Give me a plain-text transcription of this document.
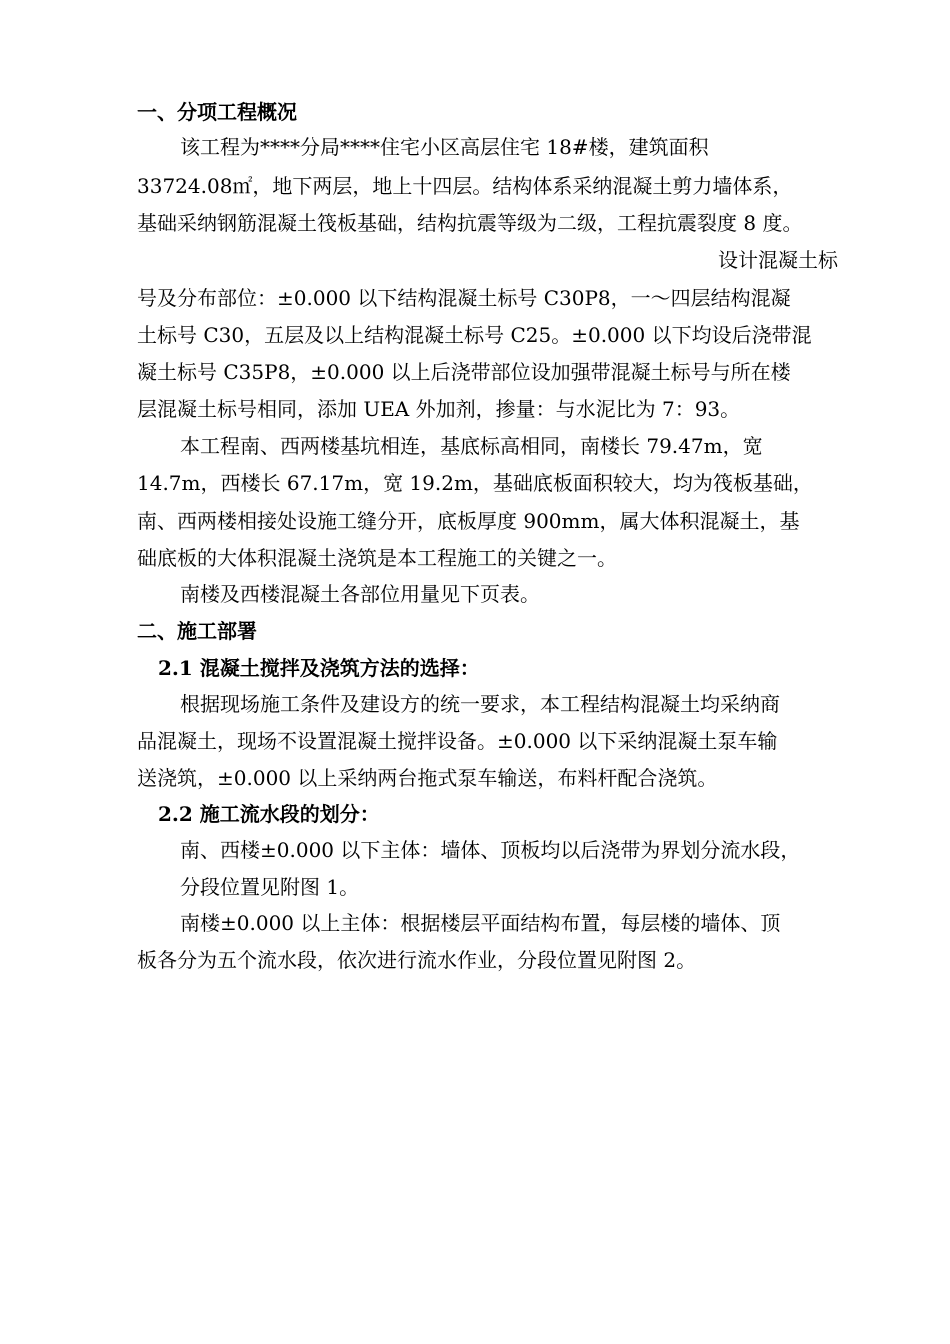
一、分项工程概况
该工程为****分局****住宅小区高层住宅 18#楼，建筑面积
33724.08㎡，地下两层，地上十四层。结构体系采纳混凝土剪力墙体系，
基础采纳钢筋混凝土筏板基础，结构抗震等级为二级，工程抗震裂度 8 度。
设计混凝土标
号及分布部位：±0.000 以下结构混凝土标号 C30P8，一～四层结构混凝
土标号 C30，五层及以上结构混凝土标号 C25。±0.000 以下均设后浇带混
凝土标号 C35P8，±0.000 以上后浇带部位设加强带混凝土标号与所在楼
层混凝土标号相同，添加 UEA 外加剂，掺量：与水泥比为 7：93。
本工程南、西两楼基坑相连，基底标高相同，南楼长 79.47m，宽
14.7m，西楼长 67.17m，宽 19.2m，基础底板面积较大，均为筏板基础，
南、西两楼相接处设施工缝分开，底板厚度 900mm，属大体积混凝土，基
础底板的大体积混凝土浇筑是本工程施工的关键之一。
南楼及西楼混凝土各部位用量见下页表。
二、施工部署
2.1 混凝土搅拌及浇筑方法的选择：
根据现场施工条件及建设方的统一要求，本工程结构混凝土均采纳商
品混凝土，现场不设置混凝土搅拌设备。±0.000 以下采纳混凝土泵车输
送浇筑，±0.000 以上采纳两台拖式泵车输送，布料杆配合浇筑。
2.2 施工流水段的划分：
南、西楼±0.000 以下主体：墙体、顶板均以后浇带为界划分流水段，
分段位置见附图 1。
南楼±0.000 以上主体：根据楼层平面结构布置，每层楼的墙体、顶
板各分为五个流水段，依次进行流水作业，分段位置见附图 2。
